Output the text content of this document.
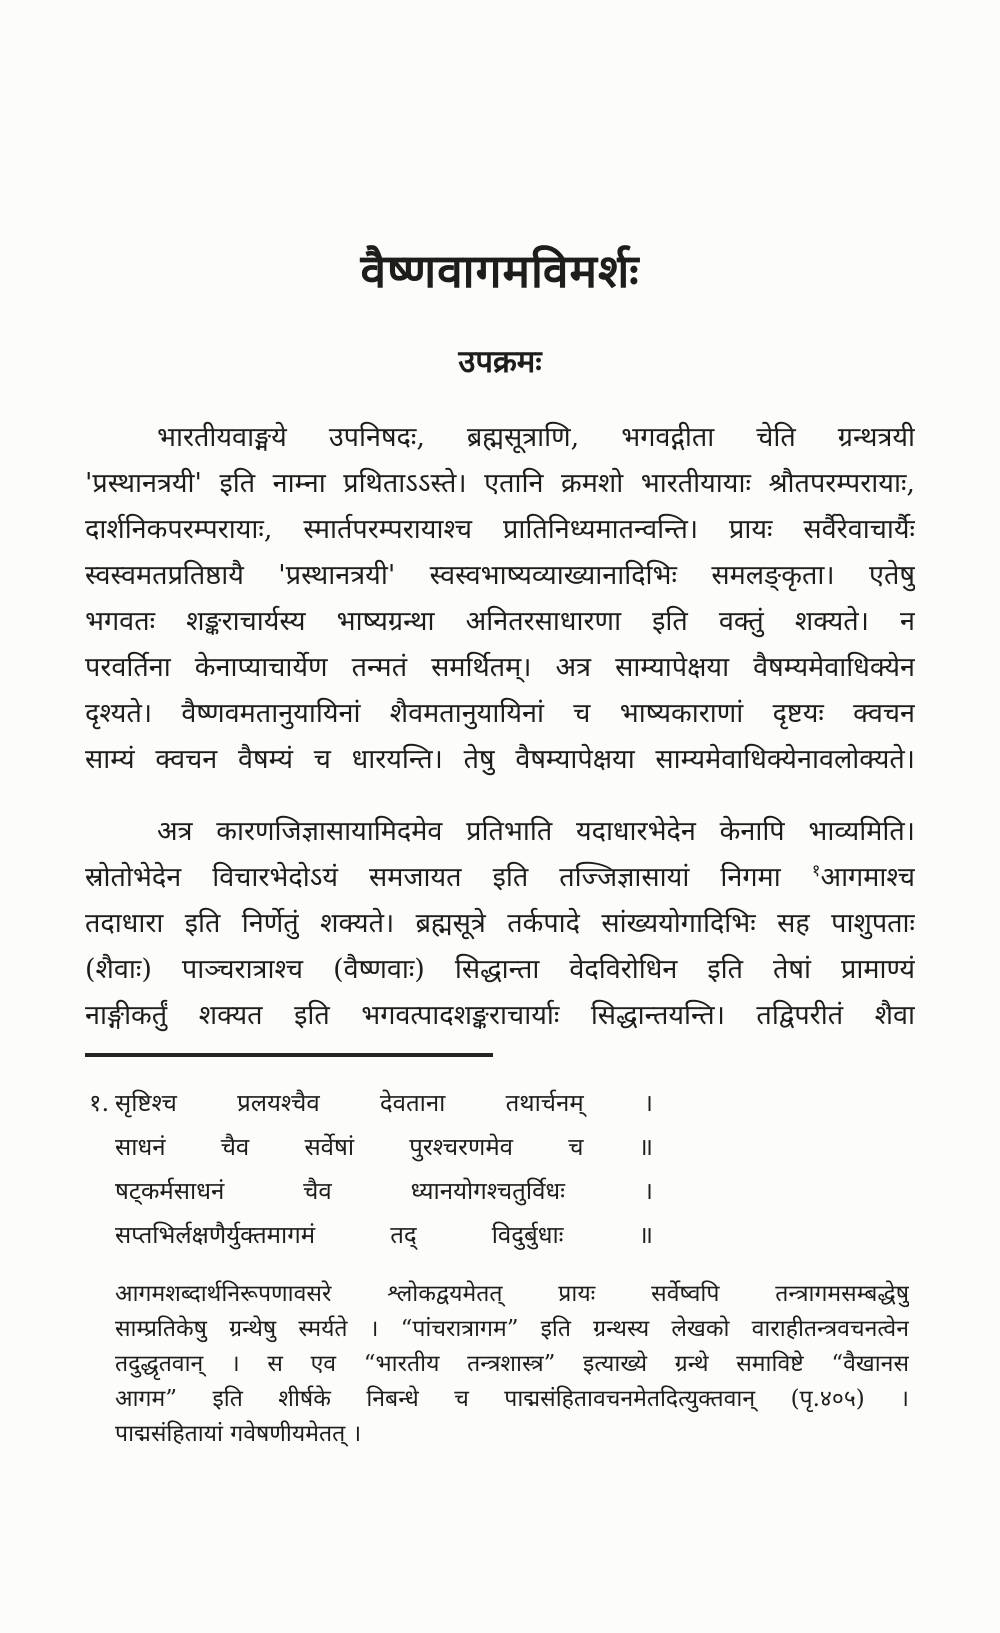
वैष्णवागमविमर्शः
उपक्रमः
भारतीयवाङ्मये उपनिषदः, ब्रह्मसूत्राणि, भगवद्गीता चेति ग्रन्थत्रयी
'प्रस्थानत्रयी' इति नाम्ना प्रथिताऽऽस्ते। एतानि क्रमशो भारतीयायाः श्रौतपरम्परायाः,
दार्शनिकपरम्परायाः, स्मार्तपरम्परायाश्च प्रातिनिध्यमातन्वन्ति। प्रायः सर्वैरेवाचार्यैः
स्वस्वमतप्रतिष्ठायै 'प्रस्थानत्रयी' स्वस्वभाष्यव्याख्यानादिभिः समलङ्कृता। एतेषु
भगवतः शङ्कराचार्यस्य भाष्यग्रन्था अनितरसाधारणा इति वक्तुं शक्यते। न
परवर्तिना केनाप्याचार्येण तन्मतं समर्थितम्। अत्र साम्यापेक्षया वैषम्यमेवाधिक्येन
दृश्यते। वैष्णवमतानुयायिनां शैवमतानुयायिनां च भाष्यकाराणां दृष्टयः क्वचन
साम्यं क्वचन वैषम्यं च धारयन्ति। तेषु वैषम्यापेक्षया साम्यमेवाधिक्येनावलोक्यते।
अत्र कारणजिज्ञासायामिदमेव प्रतिभाति यदाधारभेदेन केनापि भाव्यमिति।
स्रोतोभेदेन विचारभेदोऽयं समजायत इति तज्जिज्ञासायां निगमा $^१$आगमाश्च
तदाधारा इति निर्णेतुं शक्यते। ब्रह्मसूत्रे तर्कपादे सांख्ययोगादिभिः सह पाशुपताः
(शैवाः) पाञ्चरात्राश्च (वैष्णवाः) सिद्धान्ता वेदविरोधिन इति तेषां प्रामाण्यं
नाङ्गीकर्तुं शक्यत इति भगवत्पादशङ्कराचार्याः सिद्धान्तयन्ति। तद्विपरीतं शैवा
१. सृष्टिश्च प्रलयश्चैव देवताना तथार्चनम् ।
साधनं चैव सर्वेषां पुरश्चरणमेव च ॥
षट्कर्मसाधनं चैव ध्यानयोगश्चतुर्विधः ।
सप्तभिर्लक्षणैर्युक्तमागमं तद् विदुर्बुधाः ॥
आगमशब्दार्थनिरूपणावसरे श्लोकद्वयमेतत् प्रायः सर्वेष्वपि तन्त्रागमसम्बद्धेषु
साम्प्रतिकेषु ग्रन्थेषु स्मर्यते । “पांचरात्रागम” इति ग्रन्थस्य लेखको वाराहीतन्त्रवचनत्वेन
तदुद्धृतवान् । स एव “भारतीय तन्त्रशास्त्र” इत्याख्ये ग्रन्थे समाविष्टे “वैखानस
आगम” इति शीर्षके निबन्धे च पाद्मसंहितावचनमेतदित्युक्तवान् (पृ.४०५) ।
पाद्मसंहितायां गवेषणीयमेतत् ।
